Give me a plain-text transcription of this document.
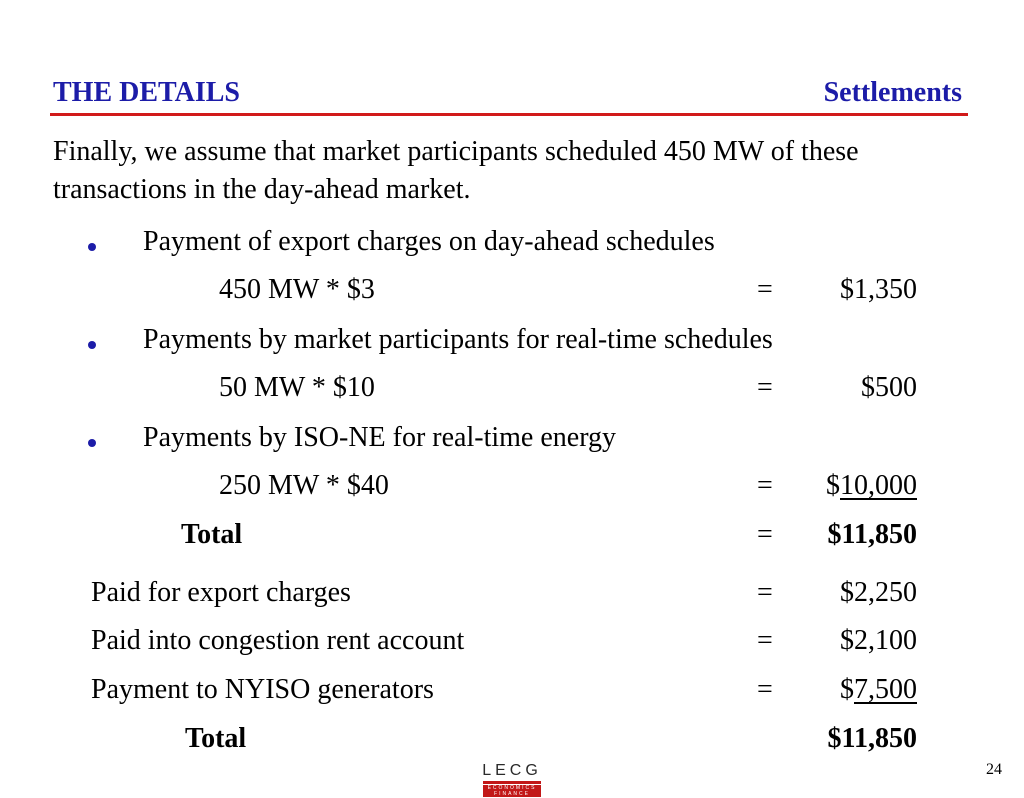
THE DETAILS	Settlements
Finally, we assume that market participants scheduled 450 MW of these transactions in the day-ahead market.
Payment of export charges on day-ahead schedules
450 MW * $3	= $1,350
Payments by market participants for real-time schedules
50 MW * $10	=	$500
Payments by ISO-NE for real-time energy
250 MW * $40	= $10,000
Total	= $11,850
Paid for export charges	= $2,250
Paid into congestion rent account	= $2,100
Payment to NYISO generators	= $7,500
Total	$11,850
LECG
ECONOMICS FINANCE
24
